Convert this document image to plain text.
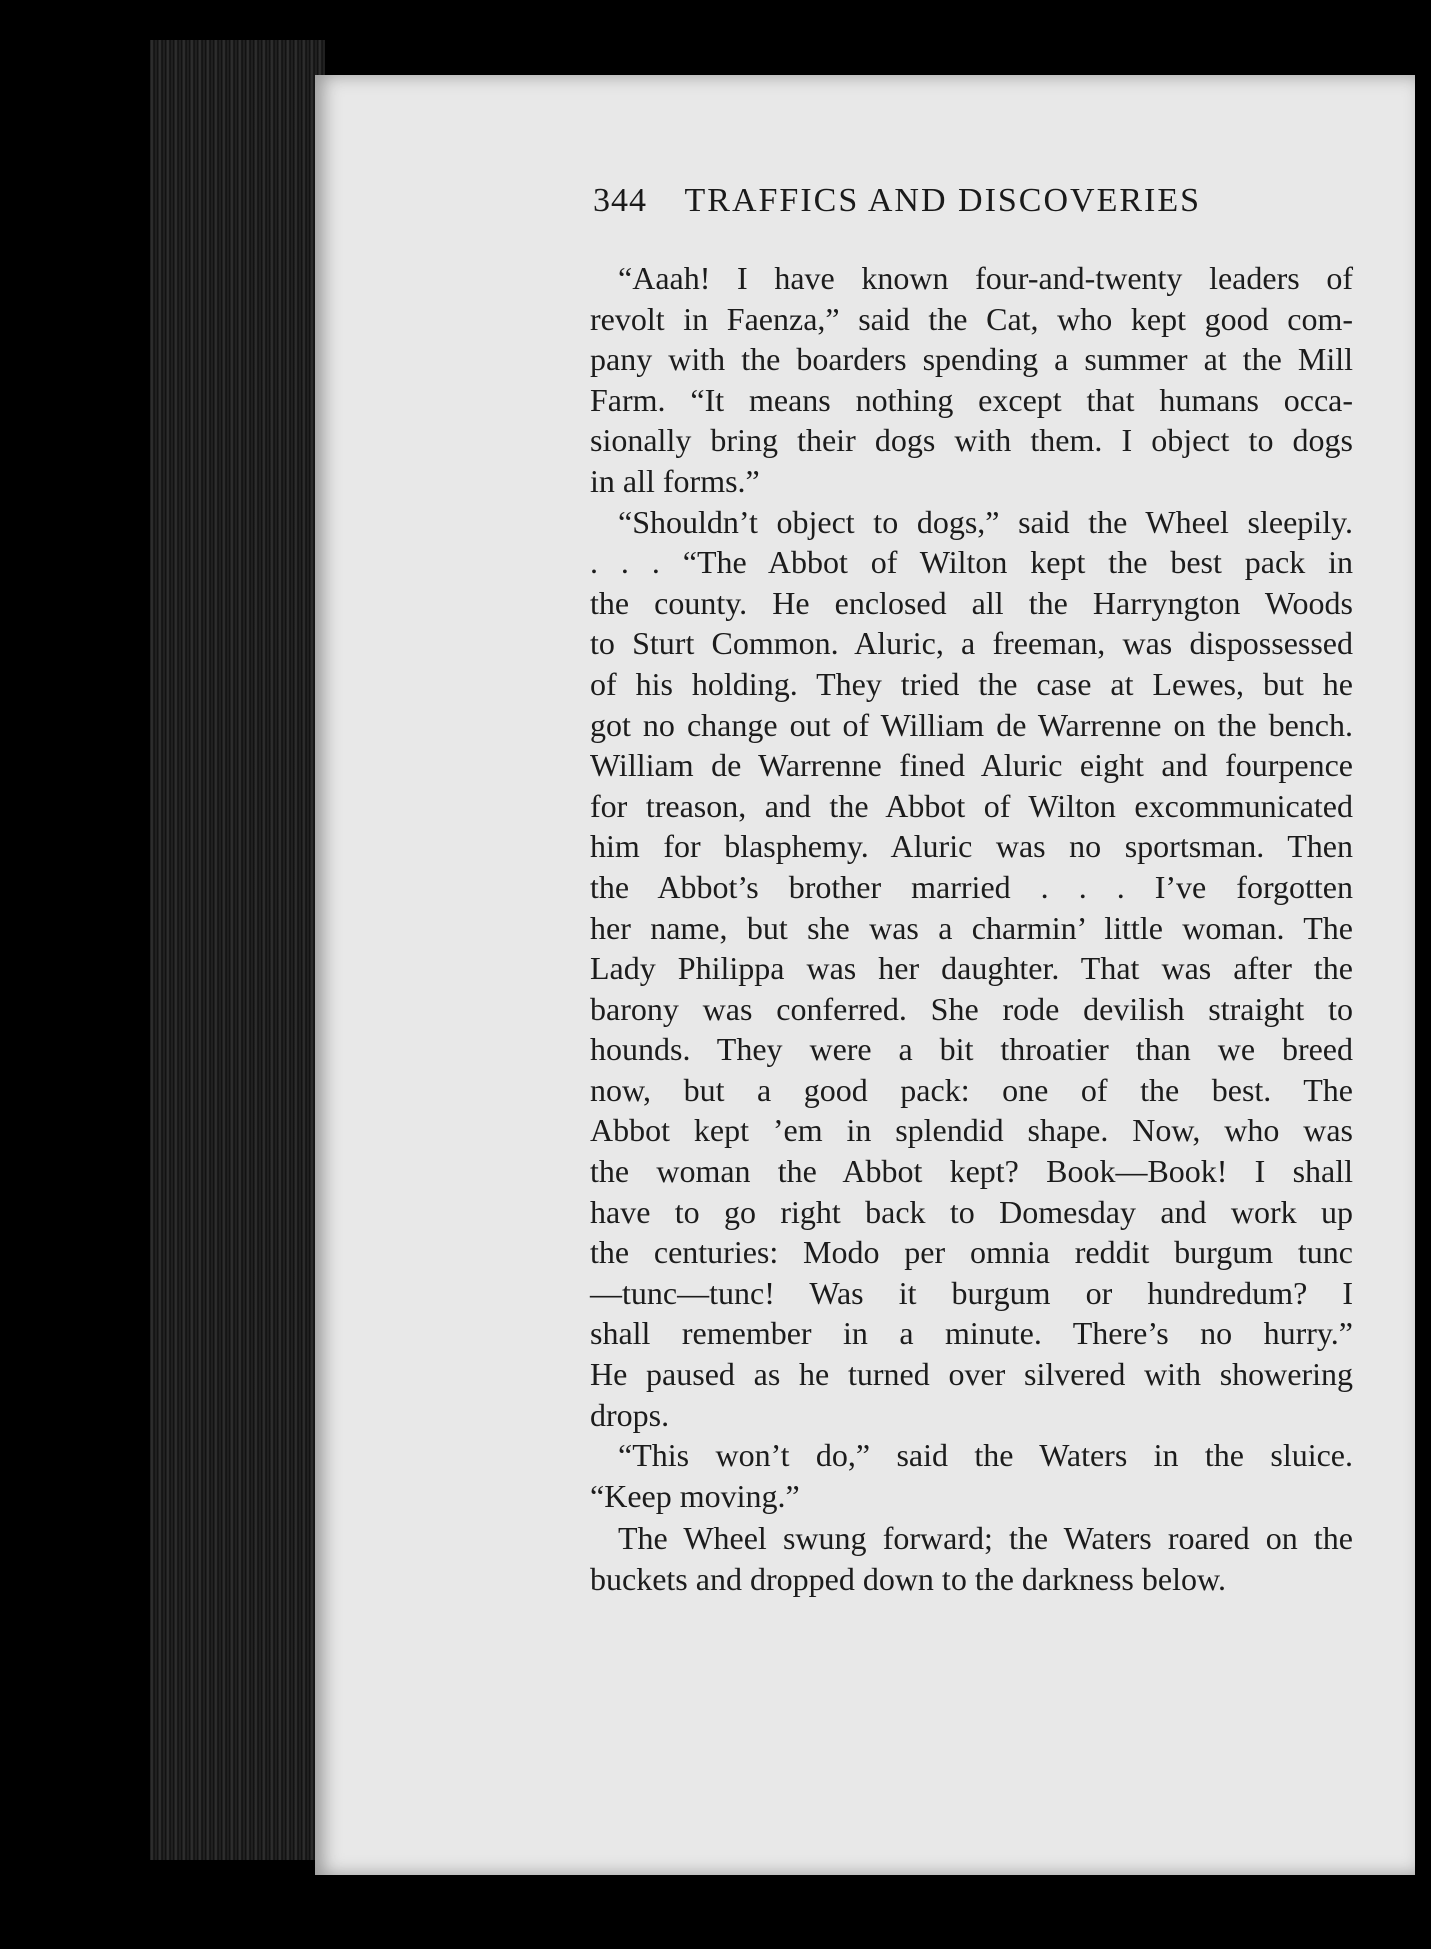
344 TRAFFICS AND DISCOVERIES
“Aaah! I have known four-and-twenty leaders of
revolt in Faenza,” said the Cat, who kept good com-
pany with the boarders spending a summer at the Mill
Farm. “It means nothing except that humans occa-
sionally bring their dogs with them. I object to dogs
in all forms.”
“Shouldn’t object to dogs,” said the Wheel sleepily.
. . . “The Abbot of Wilton kept the best pack in
the county. He enclosed all the Harryngton Woods
to Sturt Common. Aluric, a freeman, was dispossessed
of his holding. They tried the case at Lewes, but he
got no change out of William de Warrenne on the bench.
William de Warrenne fined Aluric eight and fourpence
for treason, and the Abbot of Wilton excommunicated
him for blasphemy. Aluric was no sportsman. Then
the Abbot’s brother married . . . I’ve forgotten
her name, but she was a charmin’ little woman. The
Lady Philippa was her daughter. That was after the
barony was conferred. She rode devilish straight to
hounds. They were a bit throatier than we breed
now, but a good pack: one of the best. The
Abbot kept ’em in splendid shape. Now, who was
the woman the Abbot kept? Book—Book! I shall
have to go right back to Domesday and work up
the centuries: Modo per omnia reddit burgum tunc
—tunc—tunc! Was it burgum or hundredum? I
shall remember in a minute. There’s no hurry.”
He paused as he turned over silvered with showering
drops.
“This won’t do,” said the Waters in the sluice.
“Keep moving.”
The Wheel swung forward; the Waters roared on the
buckets and dropped down to the darkness below.
